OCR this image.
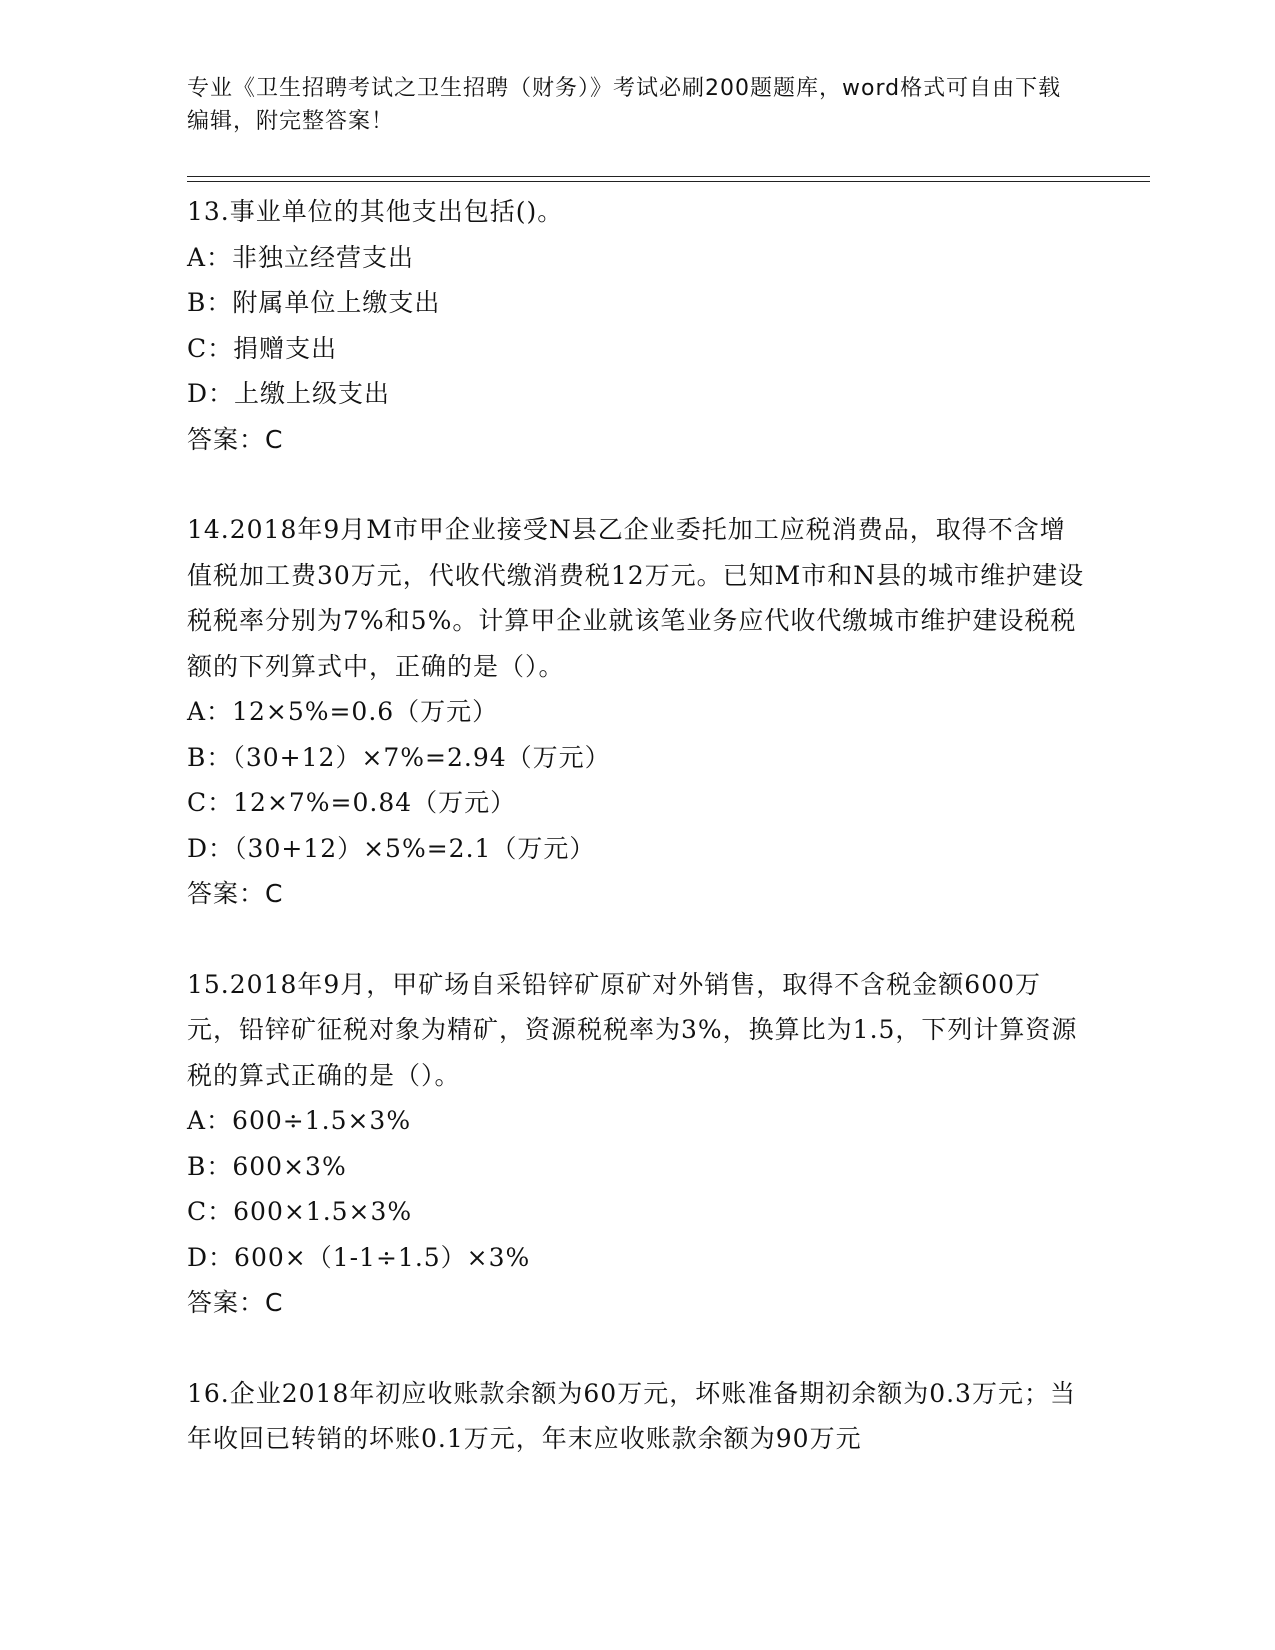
专业《卫生招聘考试之卫生招聘（财务）》考试必刷200题题库，word格式可自由下载编辑，附完整答案！
13.事业单位的其他支出包括()。
A：非独立经营支出
B：附属单位上缴支出
C：捐赠支出
D：上缴上级支出
答案：C
14.2018年9月M市甲企业接受N县乙企业委托加工应税消费品，取得不含增值税加工费30万元，代收代缴消费税12万元。已知M市和N县的城市维护建设税税率分别为7%和5%。计算甲企业就该笔业务应代收代缴城市维护建设税税额的下列算式中，正确的是（）。
A：12×5%=0.6（万元）
B：（30+12）×7%=2.94（万元）
C：12×7%=0.84（万元）
D：（30+12）×5%=2.1（万元）
答案：C
15.2018年9月，甲矿场自采铅锌矿原矿对外销售，取得不含税金额600万元，铅锌矿征税对象为精矿，资源税税率为3%，换算比为1.5，下列计算资源税的算式正确的是（）。
A：600÷1.5×3%
B：600×3%
C：600×1.5×3%
D：600×（1-1÷1.5）×3%
答案：C
16.企业2018年初应收账款余额为60万元，坏账准备期初余额为0.3万元；当年收回已转销的坏账0.1万元，年末应收账款余额为90万元
